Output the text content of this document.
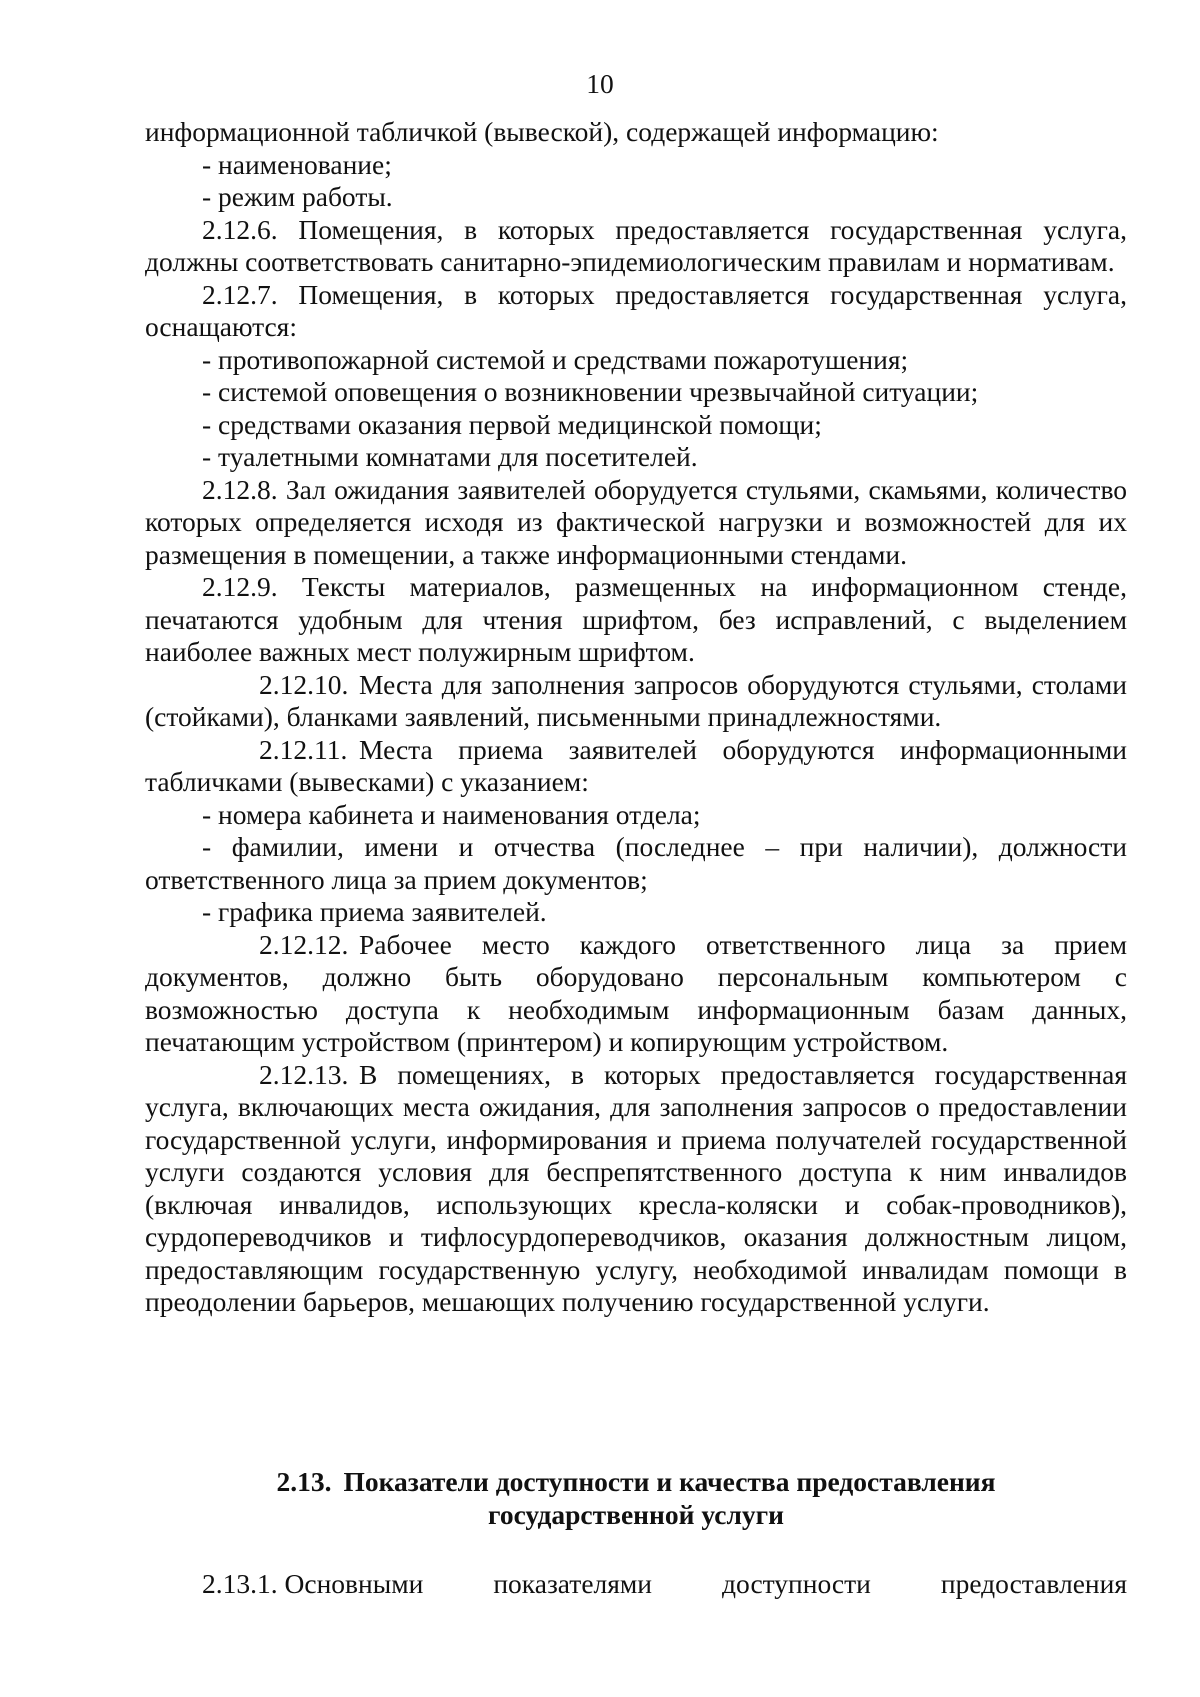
10

информационной табличкой (вывеской), содержащей информацию:

- наименование;

- режим работы.

2.12.6. Помещения, в которых предоставляется государственная услуга, должны соответствовать санитарно-эпидемиологическим правилам и нормативам.

2.12.7. Помещения, в которых предоставляется государственная услуга, оснащаются:

- противопожарной системой и средствами пожаротушения;

- системой оповещения о возникновении чрезвычайной ситуации;

- средствами оказания первой медицинской помощи;

- туалетными комнатами для посетителей.

2.12.8. Зал ожидания заявителей оборудуется стульями, скамьями, количество которых определяется исходя из фактической нагрузки и возможностей для их размещения в помещении, а также информационными стендами.

2.12.9. Тексты материалов, размещенных на информационном стенде, печатаются удобным для чтения шрифтом, без исправлений, с выделением наиболее важных мест полужирным шрифтом.

2.12.10. Места для заполнения запросов оборудуются стульями, столами (стойками), бланками заявлений, письменными принадлежностями.

2.12.11. Места приема заявителей оборудуются информационными табличками (вывесками) с указанием:

- номера кабинета и наименования отдела;

- фамилии, имени и отчества (последнее – при наличии), должности ответственного лица за прием документов;

- графика приема заявителей.

2.12.12. Рабочее место каждого ответственного лица за прием документов, должно быть оборудовано персональным компьютером с возможностью доступа к необходимым информационным базам данных, печатающим устройством (принтером) и копирующим устройством.

2.12.13. В помещениях, в которых предоставляется государственная услуга, включающих места ожидания, для заполнения запросов о предоставлении государственной услуги, информирования и приема получателей государственной услуги создаются условия для беспрепятственного доступа к ним инвалидов (включая инвалидов, использующих кресла-коляски и собак-проводников), сурдопереводчиков и тифлосурдопереводчиков, оказания должностным лицом, предоставляющим государственную услугу, необходимой инвалидам помощи в преодолении барьеров, мешающих получению государственной услуги.

2.13. Показатели доступности и качества предоставления

государственной услуги

2.13.1. Основными	показателями	доступности	предоставления
